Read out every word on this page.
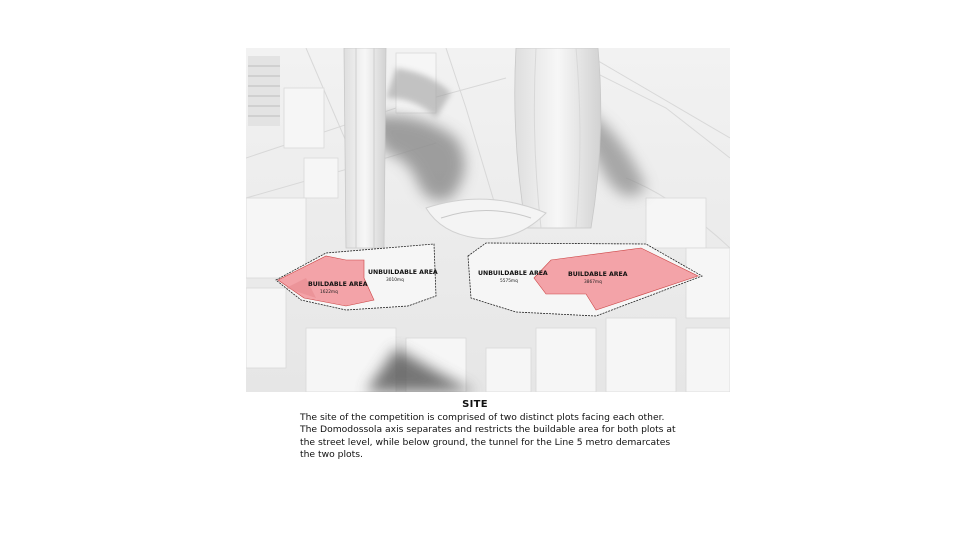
BUILDABLE AREA
1622mq
UNBUILDABLE AREA
3010mq
UNBUILDABLE AREA
5575mq
BUILDABLE AREA
3867mq
SITE
The site of the competition is comprised of two distinct plots facing each other. The Domodossola axis separates and restricts the buildable area for both plots at the street level, while below ground, the tunnel for the Line 5 metro demarcates the two plots.
